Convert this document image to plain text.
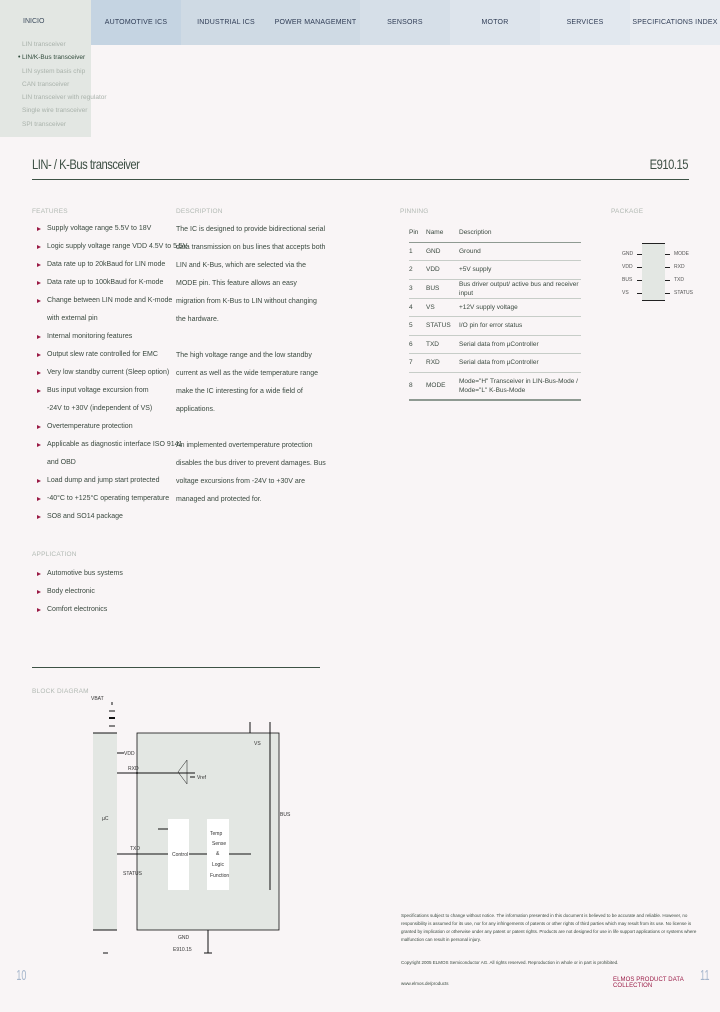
AUTOMOTIVE ICS	INDUSTRIAL ICS	POWER MANAGEMENT	SENSORS	MOTOR	SERVICES	SPECIFICATIONS INDEX
INICIO
LIN transceiver
• LIN/K-Bus transceiver
LIN system basis chip
CAN transceiver
LIN transceiver with regulator
Single wire transceiver
SPI transceiver
LIN- / K-Bus transceiver	E910.15
FEATURES
Supply voltage range 5.5V to 18V
Logic supply voltage range VDD 4.5V to 5.5V
Data rate up to 20kBaud for LIN mode
Data rate up to 100kBaud for K-mode
Change between LIN mode and K-mode
with external pin
Internal monitoring features
Output slew rate controlled for EMC
Very low standby current (Sleep option)
Bus input voltage excursion from
-24V to +30V (independent of VS)
Overtemperature protection
Applicable as diagnostic interface ISO 9141
and OBD
Load dump and jump start protected
-40°C to +125°C operating temperature
SO8 and SO14 package
APPLICATION
Automotive bus systems
Body electronic
Comfort electronics
DESCRIPTION

The IC is designed to provide bidirectional serial data transmission on bus lines that accepts both LIN and K-Bus, which are selected via the MODE pin. This feature allows an easy migration from K-Bus to LIN without changing the hardware.

The high voltage range and the low standby current as well as the wide temperature range make the IC interesting for a wide field of applications.

An implemented overtemperature protection disables the bus driver to prevent damages. Bus voltage excursions from -24V to +30V are managed and protected for.

PINNING
Pin	Name	Description
1	GND	Ground
2	VDD	+5V supply
3	BUS	Bus driver output/ active bus and receiver input
4	VS	+12V supply voltage
5	STATUS	I/O pin for error status
6	TXD	Serial data from µController
7	RXD	Serial data from µController
8	MODE	Mode="H" Transceiver in LIN-Bus-Mode / Mode="L" K-Bus-Mode
PACKAGE
GND
VDD
BUS
VS
MODE
RXD
TXD
STATUS
BLOCK DIAGRAM
VBAT
VDD
RXD
Vref
VS
µC
TXD
STATUS
Control
Temp
Sense
&
Logic
Function
BUS
GND
E910.15
Specifications subject to change without notice. The information presented in this document is believed to be accurate and reliable. However, no responsibility is assumed for its use, nor for any infringements of patents or other rights of third parties which may result from its use. No license is granted by implication or otherwise under any patent or patent rights. Products are not designed for use in life support applications or systems where malfunction can result in personal injury.
Copyright 2005 ELMOS Semiconductor AG. All rights reserved. Reproduction in whole or in part is prohibited.
www.elmos.de/products
ELMOS PRODUCT DATA COLLECTION
10	11
